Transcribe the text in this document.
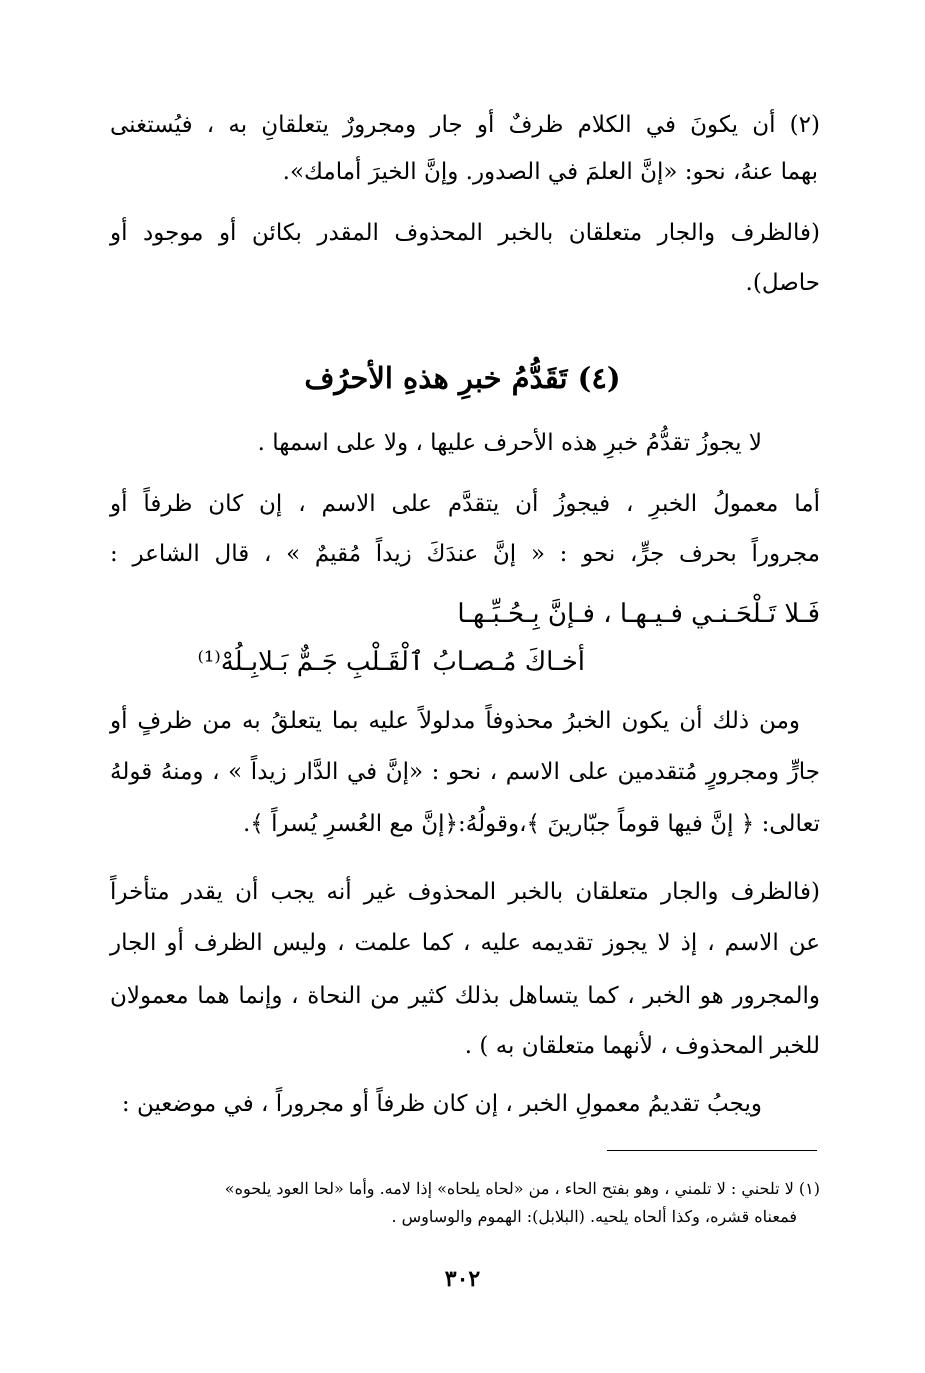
(٢) أن يكونَ في الكلام ظرفٌ أو جار ومجرورٌ يتعلقانِ به ، فيُستغنى
بهما عنهُ، نحو: «إنَّ العلمَ في الصدور. وإنَّ الخيرَ أمامك».
(فالظرف والجار متعلقان بالخبر المحذوف المقدر بكائن أو موجود أو
حاصل).
(٤) تَقَدُّمُ خبرِ هذهِ الأحرُف
لا يجوزُ تقدُّمُ خبرِ هذه الأحرف عليها ، ولا على اسمها .
أما معمولُ الخبرِ ، فيجوزُ أن يتقدَّم على الاسم ، إن كان ظرفاً أو
مجروراً بحرف جرٍّ، نحو : « إنَّ عندَكَ زيداً مُقيمٌ » ، قال الشاعر :
فَـلا تَـلْحَـنـي فـيـهـا ، فـإنَّ بِـحُـبِّـهـا
أخـاكَ مُـصـابُ ٱلْقَـلْبِ جَـمٌّ بَـلابِـلُهْ⁽¹⁾
ومن ذلك أن يكون الخبرُ محذوفاً مدلولاً عليه بما يتعلقُ به من ظرفٍ أو
جارٍّ ومجرورٍ مُتقدمين على الاسم ، نحو : «إنَّ في الدَّار زيداً » ، ومنهُ قولهُ
تعالى: ﴿ إنَّ فيها قوماً جبّارينَ ﴾،وقولُهُ:﴿إنَّ مع العُسرِ يُسراً ﴾.
(فالظرف والجار متعلقان بالخبر المحذوف غير أنه يجب أن يقدر متأخراً
عن الاسم ، إذ لا يجوز تقديمه عليه ، كما علمت ، وليس الظرف أو الجار
والمجرور هو الخبر ، كما يتساهل بذلك كثير من النحاة ، وإنما هما معمولان
للخبر المحذوف ، لأنهما متعلقان به ) .
ويجبُ تقديمُ معمولِ الخبر ، إن كان ظرفاً أو مجروراً ، في موضعين :
(١) لا تلحني : لا تلمني ، وهو بفتح الحاء ، من «لحاه يلحاه» إذا لامه. وأما «لحا العود يلحوه»
فمعناه قشره، وكذا ألحاه يلحيه. (البلابل): الهموم والوساوس .
٣٠٢
